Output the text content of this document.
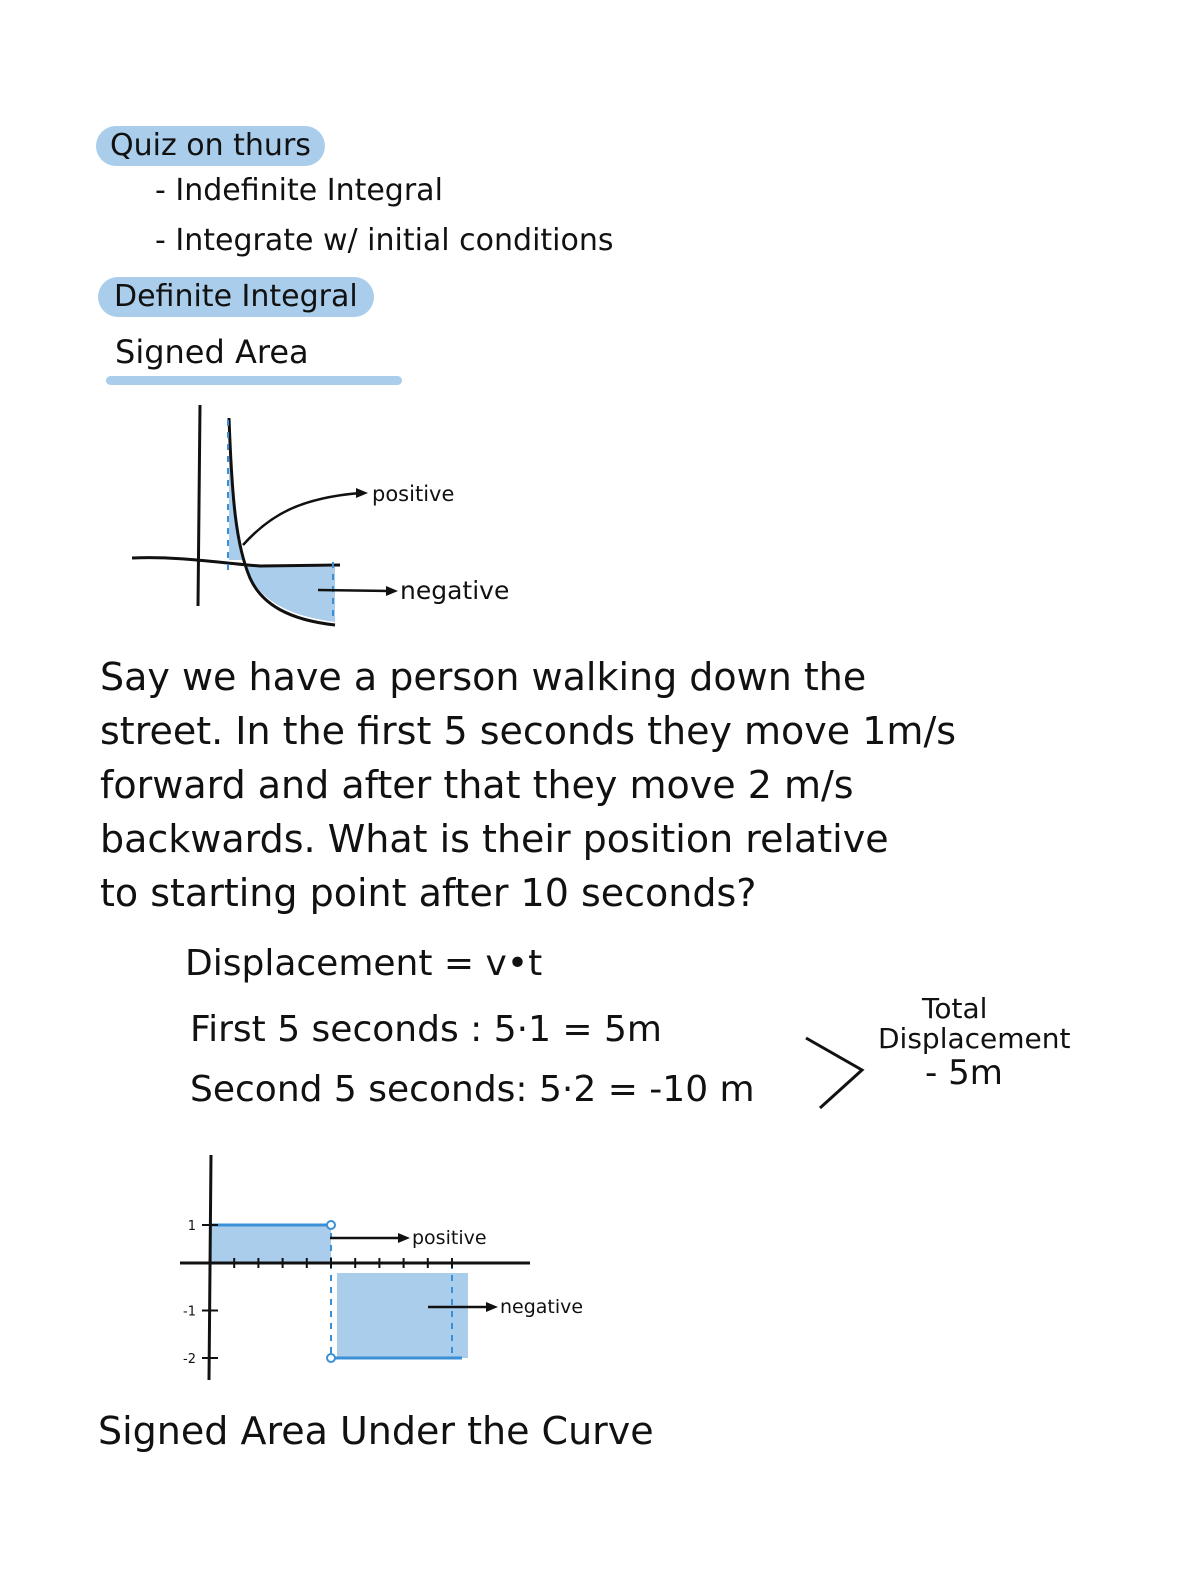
Quiz on thurs
- Indefinite Integral
- Integrate w/ initial conditions
Definite Integral
Signed Area
positive
negative
Say we have a person walking down the
street. In the first 5 seconds they move 1m/s
forward and after that they move 2 m/s
backwards. What is their position relative
to starting point after 10 seconds?
Displacement = v•t
First 5 seconds : 5·1 = 5m
Second 5 seconds: 5·2 = -10 m
Total
Displacement
- 5m
1
-1
-2
positive
negative
Signed Area Under the Curve
